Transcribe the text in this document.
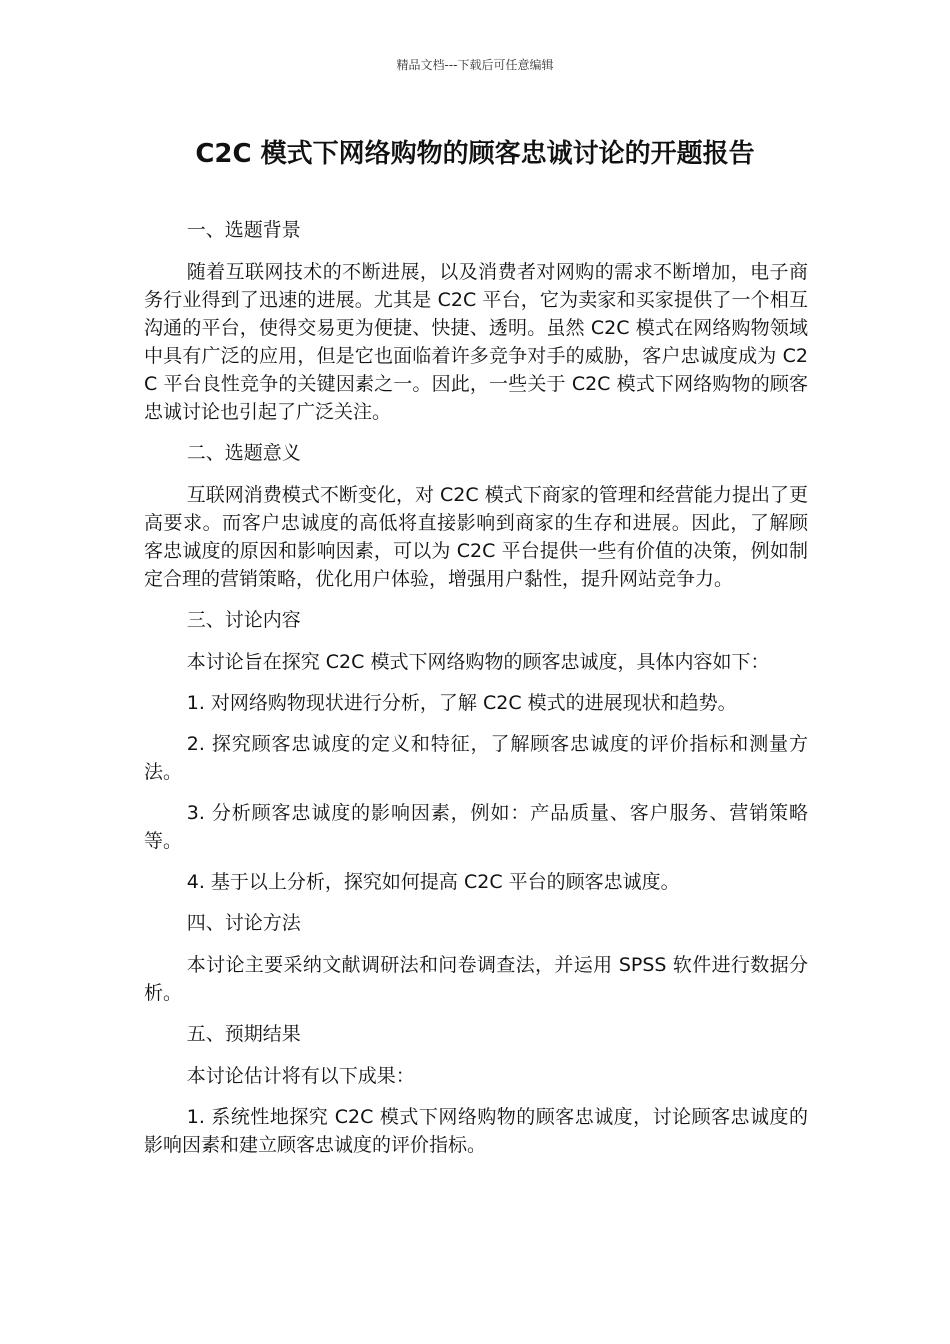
精品文档---下载后可任意编辑
C2C 模式下网络购物的顾客忠诚讨论的开题报告

一、选题背景

随着互联网技术的不断进展，以及消费者对网购的需求不断增加，电子商务行业得到了迅速的进展。尤其是 C2C 平台，它为卖家和买家提供了一个相互沟通的平台，使得交易更为便捷、快捷、透明。虽然 C2C 模式在网络购物领域中具有广泛的应用，但是它也面临着许多竞争对手的威胁，客户忠诚度成为 C2C 平台良性竞争的关键因素之一。因此，一些关于 C2C 模式下网络购物的顾客忠诚讨论也引起了广泛关注。

二、选题意义

互联网消费模式不断变化，对 C2C 模式下商家的管理和经营能力提出了更高要求。而客户忠诚度的高低将直接影响到商家的生存和进展。因此，了解顾客忠诚度的原因和影响因素，可以为 C2C 平台提供一些有价值的决策，例如制定合理的营销策略，优化用户体验，增强用户黏性，提升网站竞争力。

三、讨论内容

本讨论旨在探究 C2C 模式下网络购物的顾客忠诚度，具体内容如下：

1. 对网络购物现状进行分析，了解 C2C 模式的进展现状和趋势。

2. 探究顾客忠诚度的定义和特征，了解顾客忠诚度的评价指标和测量方法。

3. 分析顾客忠诚度的影响因素，例如：产品质量、客户服务、营销策略等。

4. 基于以上分析，探究如何提高 C2C 平台的顾客忠诚度。

四、讨论方法

本讨论主要采纳文献调研法和问卷调查法，并运用 SPSS 软件进行数据分析。

五、预期结果

本讨论估计将有以下成果：

1. 系统性地探究 C2C 模式下网络购物的顾客忠诚度，讨论顾客忠诚度的影响因素和建立顾客忠诚度的评价指标。
